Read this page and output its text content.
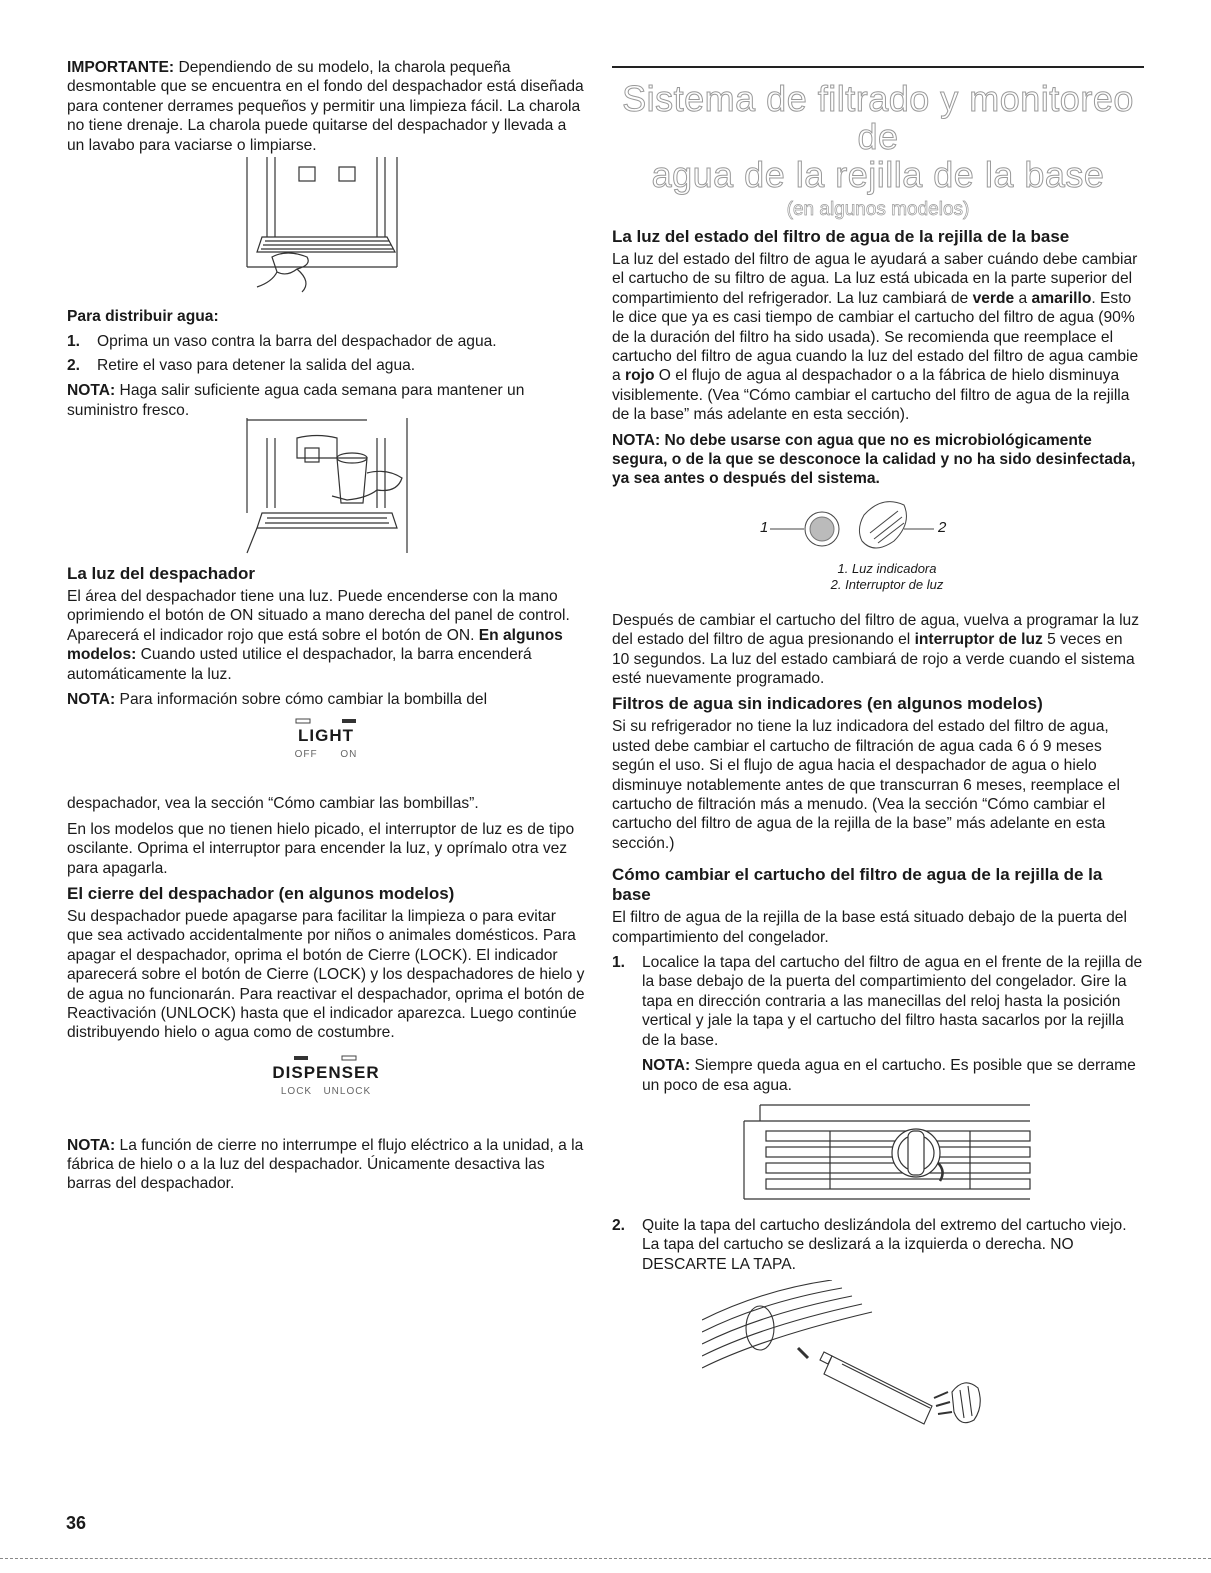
IMPORTANTE: Dependiendo de su modelo, la charola pequeña desmontable que se encuentra en el fondo del despachador está diseñada para contener derrames pequeños y permitir una limpieza fácil. La charola no tiene drenaje. La charola puede quitarse del despachador y llevada a un lavabo para vaciarse o limpiarse.

Para distribuir agua:

1. Oprima un vaso contra la barra del despachador de agua.
2. Retire el vaso para detener la salida del agua.

NOTA: Haga salir suficiente agua cada semana para mantener un suministro fresco.

La luz del despachador

El área del despachador tiene una luz. Puede encenderse con la mano oprimiendo el botón de ON situado a mano derecha del panel de control. Aparecerá el indicador rojo que está sobre el botón de ON. En algunos modelos: Cuando usted utilice el despachador, la barra encenderá automáticamente la luz.

NOTA: Para información sobre cómo cambiar la bombilla del

LIGHT
OFF ON

despachador, vea la sección “Cómo cambiar las bombillas”.

En los modelos que no tienen hielo picado, el interruptor de luz es de tipo oscilante. Oprima el interruptor para encender la luz, y oprímalo otra vez para apagarla.

El cierre del despachador (en algunos modelos)

Su despachador puede apagarse para facilitar la limpieza o para evitar que sea activado accidentalmente por niños o animales domésticos. Para apagar el despachador, oprima el botón de Cierre (LOCK). El indicador aparecerá sobre el botón de Cierre (LOCK) y los despachadores de hielo y de agua no funcionarán. Para reactivar el despachador, oprima el botón de Reactivación (UNLOCK) hasta que el indicador aparezca. Luego continúe distribuyendo hielo o agua como de costumbre.

DISPENSER
LOCK UNLOCK

NOTA: La función de cierre no interrumpe el flujo eléctrico a la unidad, a la fábrica de hielo o a la luz del despachador. Únicamente desactiva las barras del despachador.

Sistema de filtrado y monitoreo de
agua de la rejilla de la base
(en algunos modelos)
La luz del estado del filtro de agua de la rejilla de la base

La luz del estado del filtro de agua le ayudará a saber cuándo debe cambiar el cartucho de su filtro de agua. La luz está ubicada en la parte superior del compartimiento del refrigerador. La luz cambiará de verde a amarillo. Esto le dice que ya es casi tiempo de cambiar el cartucho del filtro de agua (90% de la duración del filtro ha sido usada). Se recomienda que reemplace el cartucho del filtro de agua cuando la luz del estado del filtro de agua cambie a rojo O el flujo de agua al despachador o a la fábrica de hielo disminuya visiblemente. (Vea “Cómo cambiar el cartucho del filtro de agua de la rejilla de la base” más adelante en esta sección).

NOTA: No debe usarse con agua que no es microbiológicamente segura, o de la que se desconoce la calidad y no ha sido desinfectada, ya sea antes o después del sistema.

1	2
1. Luz indicadora
2. Interruptor de luz

Después de cambiar el cartucho del filtro de agua, vuelva a programar la luz del estado del filtro de agua presionando el interruptor de luz 5 veces en 10 segundos. La luz del estado cambiará de rojo a verde cuando el sistema esté nuevamente programado.

Filtros de agua sin indicadores (en algunos modelos)

Si su refrigerador no tiene la luz indicadora del estado del filtro de agua, usted debe cambiar el cartucho de filtración de agua cada 6 ó 9 meses según el uso. Si el flujo de agua hacia el despachador de agua o hielo disminuye notablemente antes de que transcurran 6 meses, reemplace el cartucho de filtración más a menudo. (Vea la sección “Cómo cambiar el cartucho del filtro de agua de la rejilla de la base” más adelante en esta sección.)

Cómo cambiar el cartucho del filtro de agua de la rejilla de la base

El filtro de agua de la rejilla de la base está situado debajo de la puerta del compartimiento del congelador.

1. Localice la tapa del cartucho del filtro de agua en el frente de la rejilla de la base debajo de la puerta del compartimiento del congelador. Gire la tapa en dirección contraria a las manecillas del reloj hasta la posición vertical y jale la tapa y el cartucho del filtro hasta sacarlos por la rejilla de la base.

NOTA: Siempre queda agua en el cartucho. Es posible que se derrame un poco de esa agua.

2. Quite la tapa del cartucho deslizándola del extremo del cartucho viejo. La tapa del cartucho se deslizará a la izquierda o derecha. NO DESCARTE LA TAPA.
36
